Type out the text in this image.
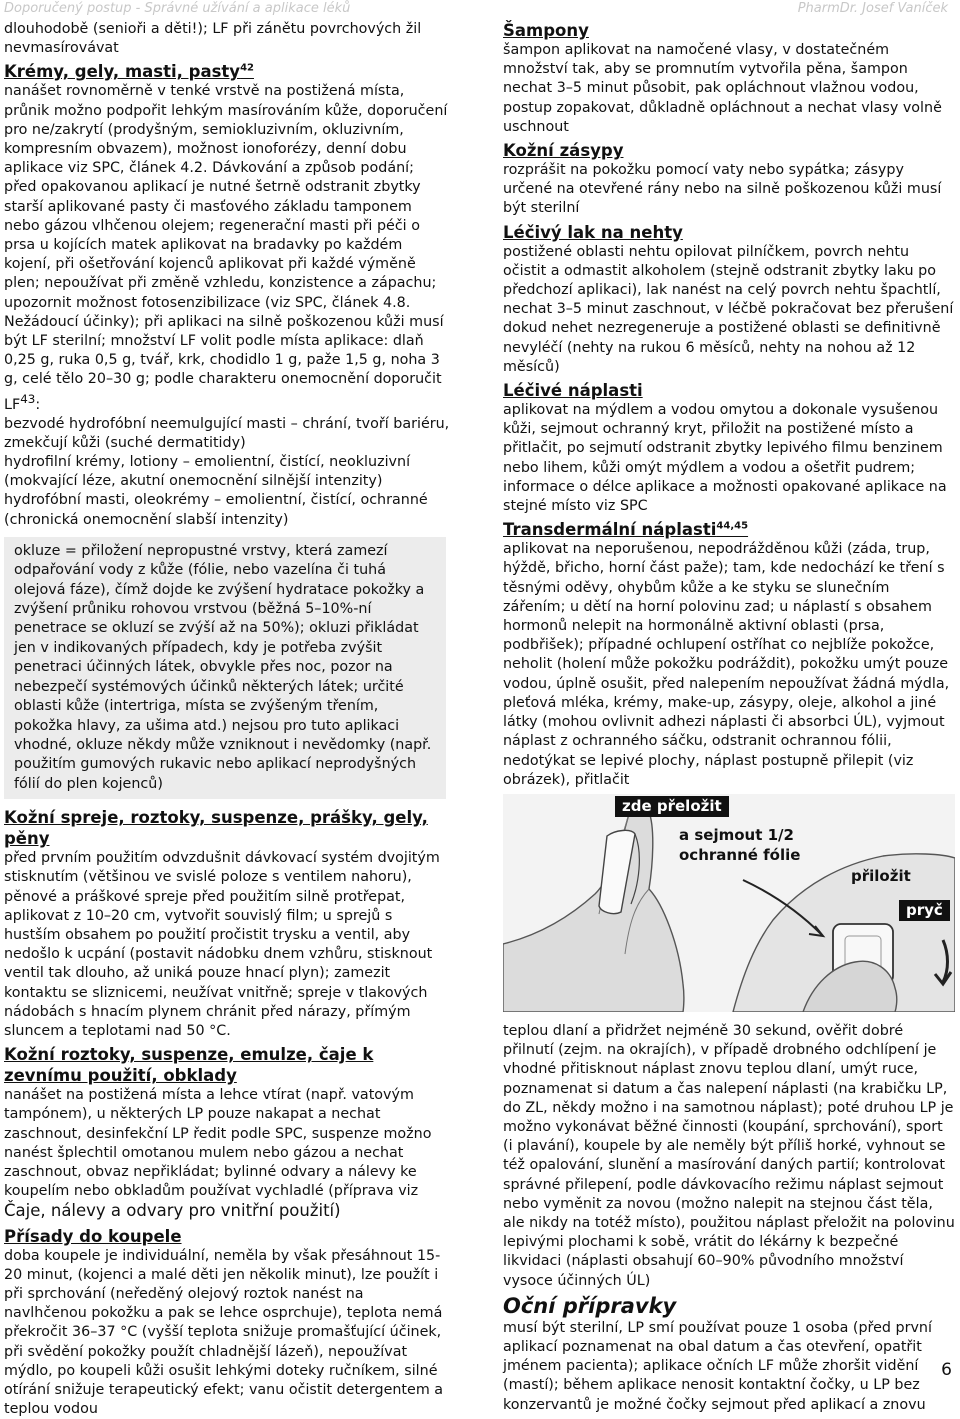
Doporučený postup - Správné užívání a aplikace léků	PharmDr. Josef Vaníček

dlouhodobě (senioři a děti!); LF při zánětu povrchových žil nevmasírovávat

Krémy, gely, masti, pasty$^{42}$

nanášet rovnoměrně v tenké vrstvě na postižená místa, průnik možno podpořit lehkým masírováním kůže, doporučení pro ne/zakrytí (prodyšným, semiokluzivním, okluzivním, kompresním obvazem), možnost ionoforézy, denní dobu aplikace viz SPC, článek 4.2. Dávkování a způsob podání; před opakovanou aplikací je nutné šetrně odstranit zbytky starší aplikované pasty či masťového základu tamponem nebo gázou vlhčenou olejem; regenerační masti při péči o prsa u kojících matek aplikovat na bradavky po každém kojení, při ošetřování kojenců aplikovat při každé výměně plen; nepoužívat při změně vzhledu, konzistence a zápachu; upozornit možnost fotosenzibilizace (viz SPC, článek 4.8. Nežádoucí účinky); při aplikaci na silně poškozenou kůži musí být LF sterilní; množství LF volit podle místa aplikace: dlaň 0,25 g, ruka 0,5 g, tvář, krk, chodidlo 1 g, paže 1,5 g, noha 3 g, celé tělo 20–30 g; podle charakteru onemocnění doporučit LF$^{43}$:

bezvodé hydrofóbní neemulgující masti – chrání, tvoří bariéru, zmekčují kůži (suché dermatitidy)

hydrofilní krémy, lotiony – emolientní, čistící, neokluzivní (mokvající léze, akutní onemocnění silnější intenzity)

hydrofóbní masti, oleokrémy – emolientní, čistící, ochranné (chronická onemocnění slabší intenzity)

okluze = přiložení nepropustné vrstvy, která zamezí odpařování vody z kůže (fólie, nebo vazelína či tuhá olejová fáze), čímž dojde ke zvýšení hydratace pokožky a zvýšení průniku rohovou vrstvou (běžná 5–10%-ní penetrace se okluzí se zvýší až na 50%); okluzi přikládat jen v indikovaných případech, kdy je potřeba zvýšit penetraci účinných látek, obvykle přes noc, pozor na nebezpečí systémových účinků některých látek; určité oblasti kůže (intertriga, místa se zvýšeným třením, pokožka hlavy, za ušima atd.) nejsou pro tuto aplikaci vhodné, okluze někdy může vzniknout i nevědomky (např. použitím gumových rukavic nebo aplikací neprodyšných fólií do plen kojenců)
Kožní spreje, roztoky, suspenze, prášky, gely, pěny

před prvním použitím odvzdušnit dávkovací systém dvojitým stisknutím (většinou ve svislé poloze s ventilem nahoru), pěnové a práškové spreje před použitím silně protřepat, aplikovat z 10–20 cm, vytvořit souvislý film; u sprejů s hustším obsahem po použití pročistit trysku a ventil, aby nedošlo k ucpání (postavit nádobku dnem vzhůru, stisknout ventil tak dlouho, až uniká pouze hnací plyn); zamezit kontaktu se sliznicemi, neužívat vnitřně; spreje v tlakových nádobách s hnacím plynem chránit před nárazy, přímým sluncem a teplotami nad 50 °C.

Kožní roztoky, suspenze, emulze, čaje k zevnímu použití, obklady

nanášet na postižená místa a lehce vtírat (např. vatovým tampónem), u některých LP pouze nakapat a nechat zaschnout, desinfekční LP ředit podle SPC, suspenze možno nanést šplechtil omotanou mulem nebo gázou a nechat zaschnout, obvaz nepřikládat; bylinné odvary a nálevy ke koupelím nebo obkladům používat vychladlé (příprava viz Čaje, nálevy a odvary pro vnitřní použití)

Přísady do koupele

doba koupele je individuální, neměla by však přesáhnout 15-20 minut, (kojenci a malé děti jen několik minut), lze použít i při sprchování (neředěný olejový roztok nanést na navlhčenou pokožku a pak se lehce osprchuje), teplota nemá překročit 36–37 °C (vyšší teplota snižuje promašťující účinek, při svědění pokožky použít chladnější lázeň), nepoužívat mýdlo, po koupeli kůži osušit lehkými doteky ručníkem, silné otírání snižuje terapeutický efekt; vanu očistit detergentem a teplou vodou

Šampony

šampon aplikovat na namočené vlasy, v dostatečném množství tak, aby se promnutím vytvořila pěna, šampon nechat 3–5 minut působit, pak opláchnout vlažnou vodou, postup zopakovat, důkladně opláchnout a nechat vlasy volně uschnout

Kožní zásypy

rozprášit na pokožku pomocí vaty nebo sypátka; zásypy určené na otevřené rány nebo na silně poškozenou kůži musí být sterilní

Léčivý lak na nehty

postižené oblasti nehtu opilovat pilníčkem, povrch nehtu očistit a odmastit alkoholem (stejně odstranit zbytky laku po předchozí aplikaci), lak nanést na celý povrch nehtu špachtlí, nechat 3–5 minut zaschnout, v léčbě pokračovat bez přerušení dokud nehet nezregeneruje a postižené oblasti se definitivně nevyléčí (nehty na rukou 6 měsíců, nehty na nohou až 12 měsíců)

Léčivé náplasti

aplikovat na mýdlem a vodou omytou a dokonale vysušenou kůži, sejmout ochranný kryt, přiložit na postižené místo a přitlačit, po sejmutí odstranit zbytky lepivého filmu benzinem nebo lihem, kůži omýt mýdlem a vodou a ošetřit pudrem; informace o délce aplikace a možnosti opakované aplikace na stejné místo viz SPC

Transdermální náplasti$^{44,45}$

aplikovat na neporušenou, nepodrážděnou kůži (záda, trup, hýždě, břicho, horní část paže); tam, kde nedochází ke tření s těsnými oděvy, ohybům kůže a ke styku se slunečním zářením; u dětí na horní polovinu zad; u náplastí s obsahem hormonů nelepit na hormonálně aktivní oblasti (prsa, podbřišek); případné ochlupení ostříhat co nejblíže pokožce, neholit (holení může pokožku podráždit), pokožku umýt pouze vodou, úplně osušit, před nalepením nepoužívat žádná mýdla, pleťová mléka, krémy, make-up, zásypy, oleje, alkohol a jiné látky (mohou ovlivnit adhezi náplasti či absorbci ÚL), vyjmout náplast z ochranného sáčku, odstranit ochrannou fólii, nedotýkat se lepivé plochy, náplast postupně přilepit (viz obrázek), přitlačit

zde přeložit
a sejmout 1/2
ochranné fólie
přiložit
pryč

teplou dlaní a přidržet nejméně 30 sekund, ověřit dobré přilnutí (zejm. na okrajích), v případě drobného odchlípení je vhodné přitisknout náplast znovu teplou dlaní, umýt ruce, poznamenat si datum a čas nalepení náplasti (na krabičku LP, do ZL, někdy možno i na samotnou náplast); poté druhou LP je možno vykonávat běžné činnosti (koupání, sprchování), sport (i plavání), koupele by ale neměly být příliš horké, vyhnout se též opalování, slunění a masírování daných partií; kontrolovat správné přilepení, podle dávkovacího režimu náplast sejmout nebo vyměnit za novou (možno nalepit na stejnou část těla, ale nikdy na totéž místo), použitou náplast přeložit na polovinu lepivými plochami k sobě, vrátit do lékárny k bezpečné likvidaci (náplasti obsahují 60–90% původního množství vysoce účinných ÚL)

Oční přípravky

musí být sterilní, LP smí používat pouze 1 osoba (před první aplikací poznamenat na obal datum a čas otevření, opatřit jménem pacienta); aplikace očních LF může zhoršit vidění (mastí); během aplikace nenosit kontaktní čočky, u LP bez konzervantů je možné čočky sejmout před aplikací a znovu

6
